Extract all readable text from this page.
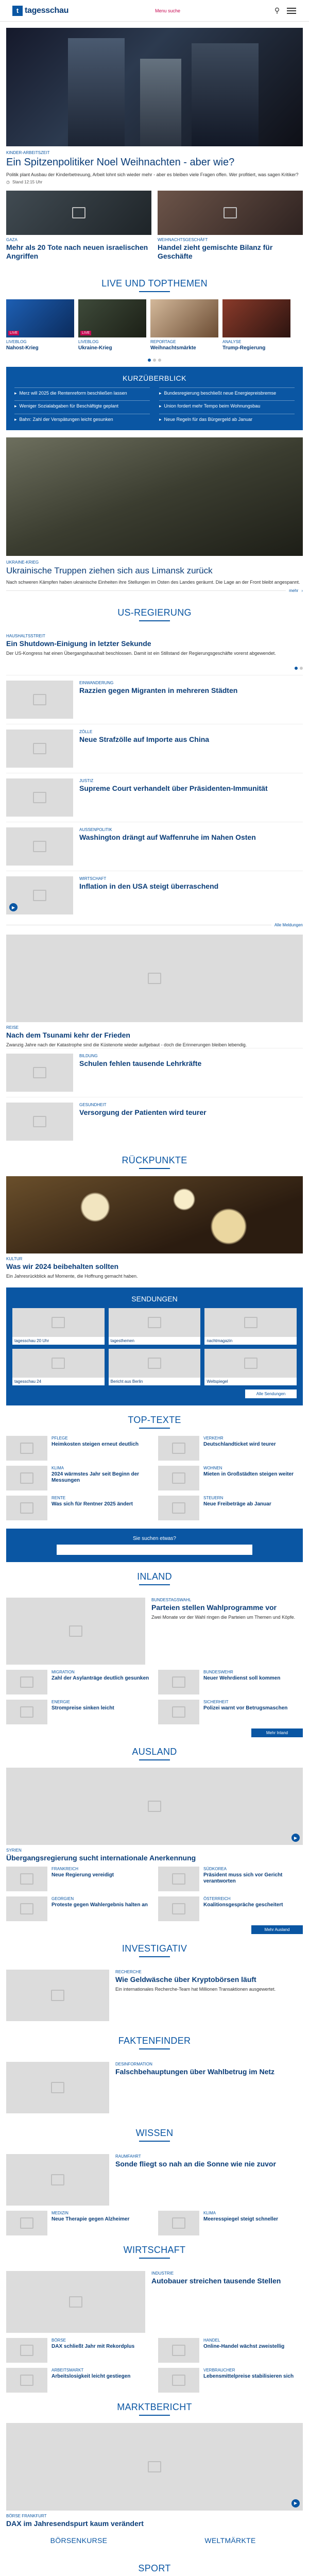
t tagesschau	Menu suche	⚲
KINDER-ARBEITSZEIT
Ein Spitzenpolitiker Noel Weihnachten - aber wie?
Politik plant Ausbau der Kinderbetreuung, Arbeit lohnt sich wieder mehr - aber es bleiben viele Fragen offen. Wer profitiert, was sagen Kritiker?
◷ Stand 12:15 Uhr
GAZA
Mehr als 20 Tote nach neuen israelischen Angriffen
WEIHNACHTSGESCHÄFT
Handel zieht gemischte Bilanz für Geschäfte
LIVE UND TOPTHEMEN
LIVE
LIVEBLOG
Nahost-Krieg
LIVE
LIVEBLOG
Ukraine-Krieg
REPORTAGE
Weihnachtsmärkte
ANALYSE
Trump-Regierung
KURZÜBERBLICK
▸ Merz will 2025 die Rentenreform beschließen lassen	▸ Bundesregierung beschließt neue Energiepreisbremse
▸ Weniger Sozialabgaben für Beschäftigte geplant	▸ Union fordert mehr Tempo beim Wohnungsbau
▸ Bahn: Zahl der Verspätungen leicht gesunken	▸ Neue Regeln für das Bürgergeld ab Januar
UKRAINE-KRIEG
Ukrainische Truppen ziehen sich aus Limansk zurück
Nach schweren Kämpfen haben ukrainische Einheiten ihre Stellungen im Osten des Landes geräumt. Die Lage an der Front bleibt angespannt.
mehr ›
US-REGIERUNG
HAUSHALTSSTREIT
Ein Shutdown-Einigung in letzter Sekunde
Der US-Kongress hat einen Übergangshaushalt beschlossen. Damit ist ein Stillstand der Regierungsgeschäfte vorerst abgewendet.
EINWANDERUNG
Razzien gegen Migranten in mehreren Städten
ZÖLLE
Neue Strafzölle auf Importe aus China
JUSTIZ
Supreme Court verhandelt über Präsidenten-Immunität
AUSSENPOLITIK
Washington drängt auf Waffenruhe im Nahen Osten
▶
WIRTSCHAFT
Inflation in den USA steigt überraschend
Alle Meldungen
REISE
Nach dem Tsunami kehr der Frieden
Zwanzig Jahre nach der Katastrophe sind die Küstenorte wieder aufgebaut - doch die Erinnerungen bleiben lebendig.
BILDUNG
Schulen fehlen tausende Lehrkräfte
GESUNDHEIT
Versorgung der Patienten wird teurer
RÜCKPUNKTE
KULTUR
Was wir 2024 beibehalten sollten
Ein Jahresrückblick auf Momente, die Hoffnung gemacht haben.
SENDUNGEN
tagesschau 20 Uhr	tagesthemen	nachtmagazin
tagesschau 24	Bericht aus Berlin	Weltspiegel
Alle Sendungen
TOP-TEXTE
PFLEGE
Heimkosten steigen erneut deutlich
VERKEHR
Deutschlandticket wird teurer
KLIMA
2024 wärmstes Jahr seit Beginn der Messungen
WOHNEN
Mieten in Großstädten steigen weiter
RENTE
Was sich für Rentner 2025 ändert
STEUERN
Neue Freibeträge ab Januar
Sie suchen etwas?
INLAND
BUNDESTAGSWAHL
Parteien stellen Wahlprogramme vor
Zwei Monate vor der Wahl ringen die Parteien um Themen und Köpfe.
MIGRATION
Zahl der Asylanträge deutlich gesunken
BUNDESWEHR
Neuer Wehrdienst soll kommen
ENERGIE
Strompreise sinken leicht
SICHERHEIT
Polizei warnt vor Betrugsmaschen
Mehr Inland
AUSLAND
▶
SYRIEN
Übergangsregierung sucht internationale Anerkennung
FRANKREICH
Neue Regierung vereidigt
SÜDKOREA
Präsident muss sich vor Gericht verantworten
GEORGIEN
Proteste gegen Wahlergebnis halten an
ÖSTERREICH
Koalitionsgespräche gescheitert
Mehr Ausland
INVESTIGATIV
RECHERCHE
Wie Geldwäsche über Kryptobörsen läuft
Ein internationales Recherche-Team hat Millionen Transaktionen ausgewertet.
FAKTENFINDER
DESINFORMATION
Falschbehauptungen über Wahlbetrug im Netz
WISSEN
RAUMFAHRT
Sonde fliegt so nah an die Sonne wie nie zuvor
MEDIZIN
Neue Therapie gegen Alzheimer
KLIMA
Meeresspiegel steigt schneller
WIRTSCHAFT
INDUSTRIE
Autobauer streichen tausende Stellen
BÖRSE
DAX schließt Jahr mit Rekordplus
HANDEL
Online-Handel wächst zweistellig
ARBEITSMARKT
Arbeitslosigkeit leicht gestiegen
VERBRAUCHER
Lebensmittelpreise stabilisieren sich
MARKTBERICHT
▶
BÖRSE FRANKFURT
DAX im Jahresendspurt kaum verändert
BÖRSENKURSE	WELTMÄRKTE
SPORT
